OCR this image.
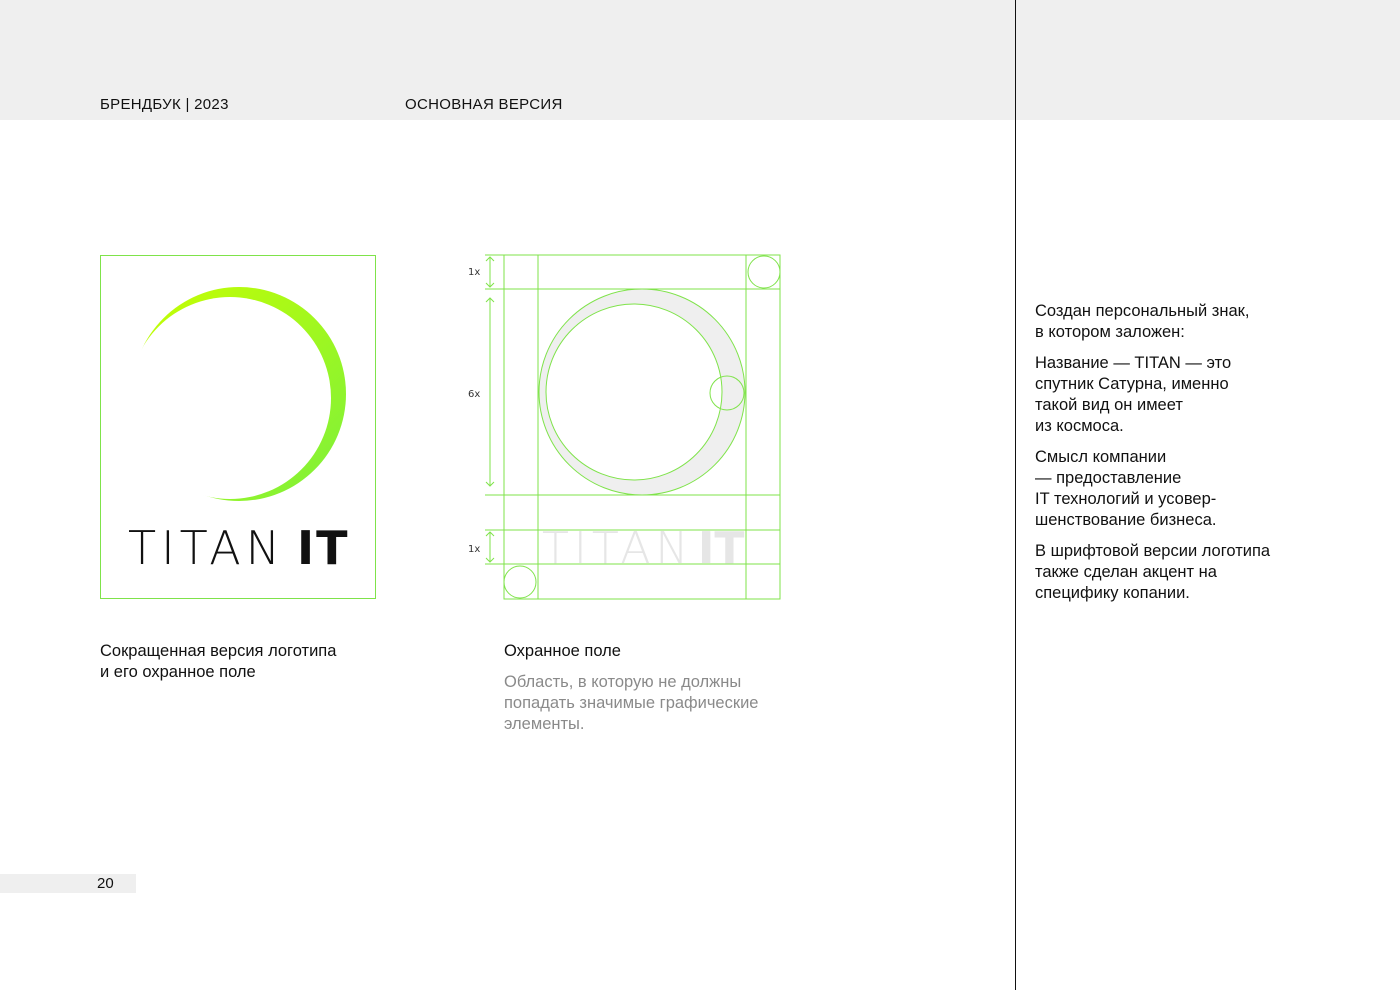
БРЕНДБУК | 2023	ОСНОВНАЯ ВЕРСИЯ
TITAN IT	TITAN IT
1x
6x
1x
Сокращенная версия логотипа
и его охранное поле
Охранное поле
Область, в которую не должны попадать значимые графические элементы.

Создан персональный знак,
в котором заложен:

Название — TITAN — это
спутник Сатурна, именно
такой вид он имеет
из космоса.

Смысл компании
— предоставление
IT технологий и усовер-
шенствование бизнеса.

В шрифтовой версии логотипа
также сделан акцент на
специфику копании.

20
